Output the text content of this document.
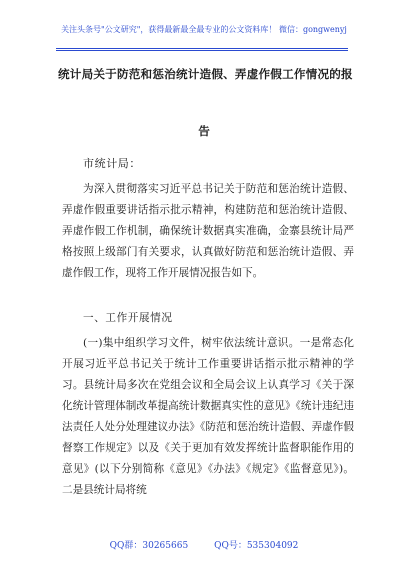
关注头条号"公文研究"，获得最新最全最专业的公文资料库！ 微信：gongwenyj
统计局关于防范和惩治统计造假、弄虚作假工作情况的报
告
市统计局：
为深入贯彻落实习近平总书记关于防范和惩治统计造假、弄虚作假重要讲话指示批示精神，构建防范和惩治统计造假、弄虚作假工作机制，确保统计数据真实准确，金寨县统计局严格按照上级部门有关要求，认真做好防范和惩治统计造假、弄虚作假工作，现将工作开展情况报告如下。
一、工作开展情况
(一)集中组织学习文件，树牢依法统计意识。一是常态化开展习近平总书记关于统计工作重要讲话指示批示精神的学习。县统计局多次在党组会议和全局会议上认真学习《关于深化统计管理体制改革提高统计数据真实性的意见》《统计违纪违法责任人处分处理建议办法》《防范和惩治统计造假、弄虚作假督察工作规定》以及《关于更加有效发挥统计监督职能作用的意见》(以下分别简称《意见》《办法》《规定》《监督意见》)。二是县统计局将统
QQ群：30265665	QQ号：535304092
